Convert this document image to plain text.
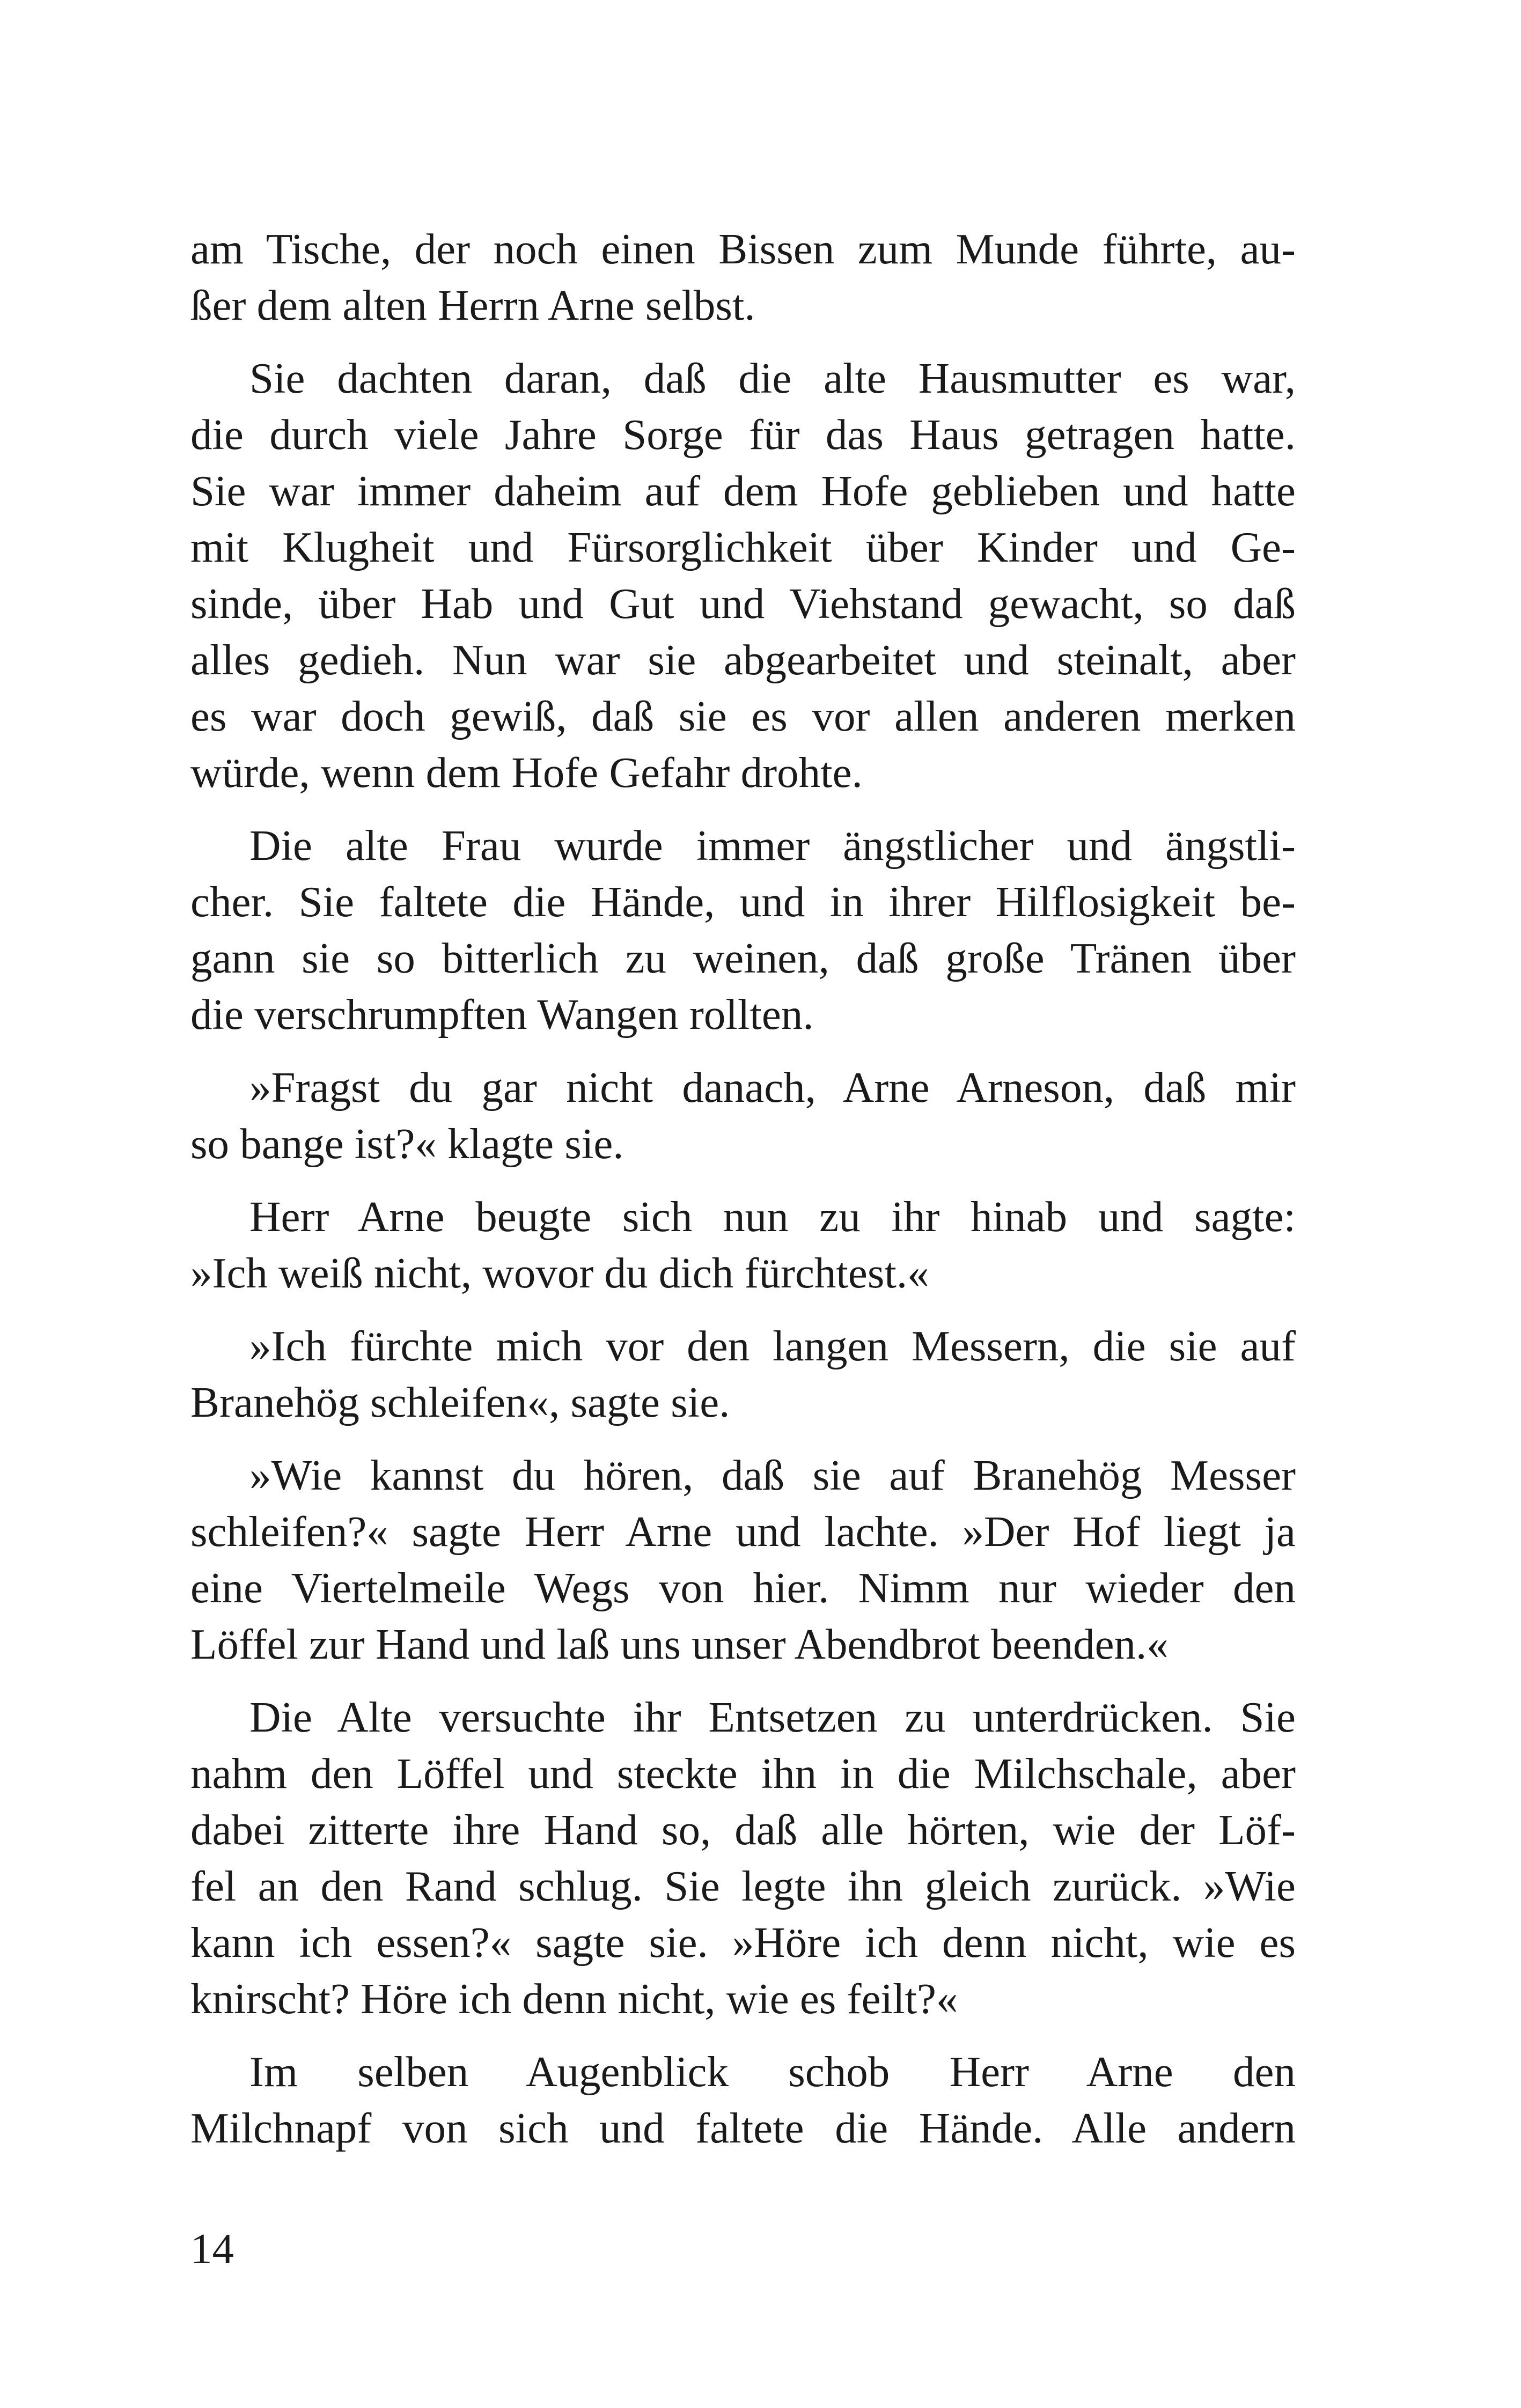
am Tische, der noch einen Bissen zum Munde führte, au-
ßer dem alten Herrn Arne selbst.

Sie dachten daran, daß die alte Hausmutter es war,
die durch viele Jahre Sorge für das Haus getragen hatte.
Sie war immer daheim auf dem Hofe geblieben und hatte
mit Klugheit und Fürsorglichkeit über Kinder und Ge-
sinde, über Hab und Gut und Viehstand gewacht, so daß
alles gedieh. Nun war sie abgearbeitet und steinalt, aber
es war doch gewiß, daß sie es vor allen anderen merken
würde, wenn dem Hofe Gefahr drohte.

Die alte Frau wurde immer ängstlicher und ängstli-
cher. Sie faltete die Hände, und in ihrer Hilflosigkeit be-
gann sie so bitterlich zu weinen, daß große Tränen über
die verschrumpften Wangen rollten.

»Fragst du gar nicht danach, Arne Arneson, daß mir
so bange ist?« klagte sie.

Herr Arne beugte sich nun zu ihr hinab und sagte:
»Ich weiß nicht, wovor du dich fürchtest.«

»Ich fürchte mich vor den langen Messern, die sie auf
Branehög schleifen«, sagte sie.

»Wie kannst du hören, daß sie auf Branehög Messer
schleifen?« sagte Herr Arne und lachte. »Der Hof liegt ja
eine Viertelmeile Wegs von hier. Nimm nur wieder den
Löffel zur Hand und laß uns unser Abendbrot beenden.«

Die Alte versuchte ihr Entsetzen zu unterdrücken. Sie
nahm den Löffel und steckte ihn in die Milchschale, aber
dabei zitterte ihre Hand so, daß alle hörten, wie der Löf-
fel an den Rand schlug. Sie legte ihn gleich zurück. »Wie
kann ich essen?« sagte sie. »Höre ich denn nicht, wie es
knirscht? Höre ich denn nicht, wie es feilt?«

Im selben Augenblick schob Herr Arne den
Milchnapf von sich und faltete die Hände. Alle andern

14
